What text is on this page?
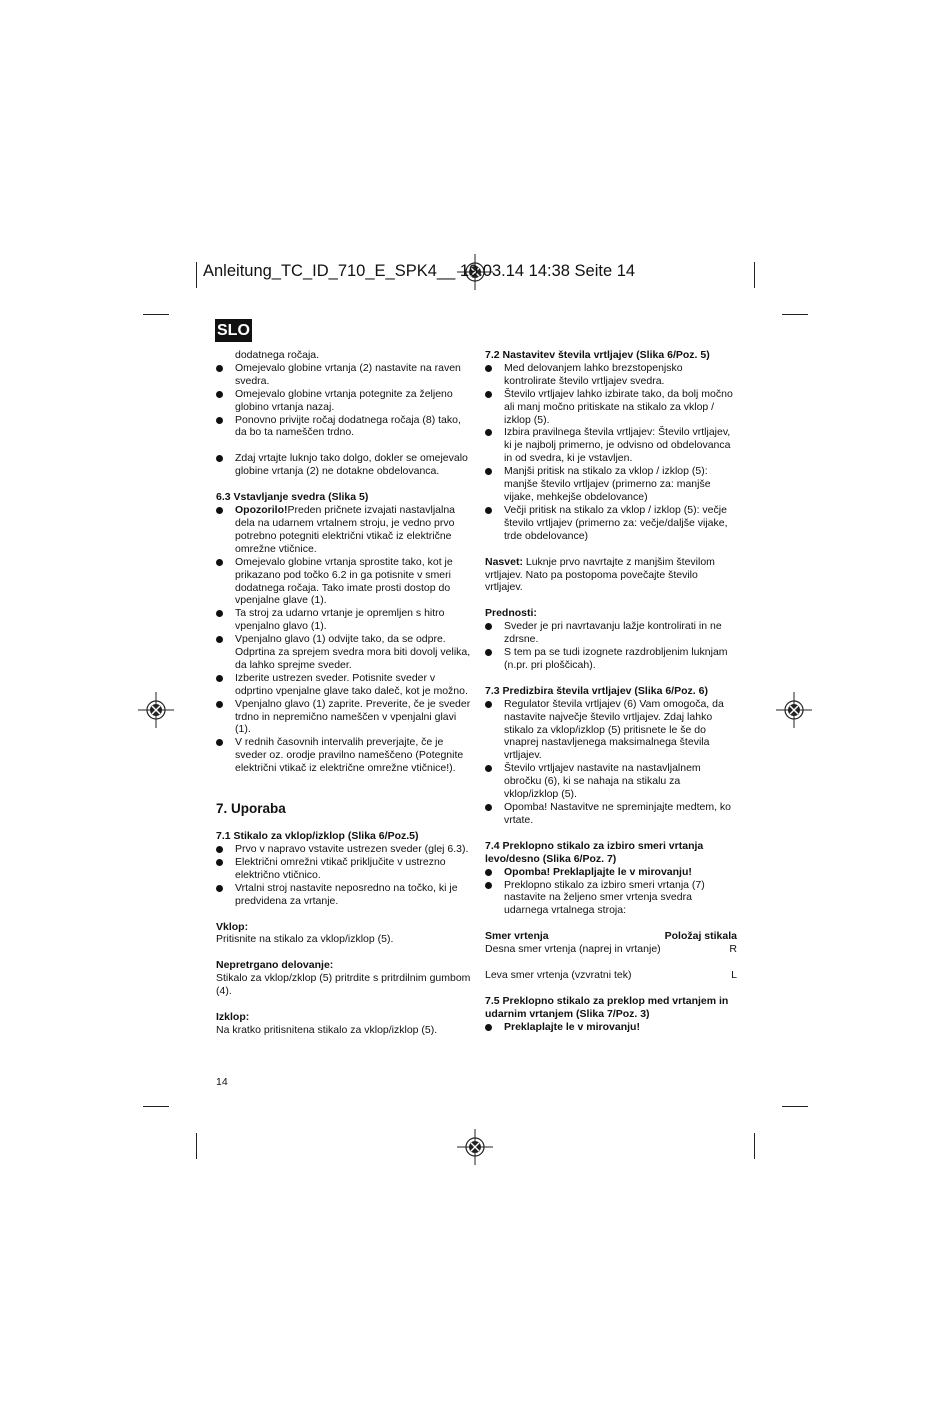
Anleitung_TC_ID_710_E_SPK4__ 19.03.14 14:38 Seite 14
SLO
dodatnega ročaja.
Omejevalo globine vrtanja (2) nastavite na raven svedra.
Omejevalo globine vrtanja potegnite za željeno globino vrtanja nazaj.
Ponovno privijte ročaj dodatnega ročaja (8) tako, da bo ta nameščen trdno.
Zdaj vrtajte luknjo tako dolgo, dokler se omejevalo globine vrtanja (2) ne dotakne obdelovanca.
6.3 Vstavljanje svedra (Slika 5)
Opozorilo!Preden pričnete izvajati nastavljalna dela na udarnem vrtalnem stroju, je vedno prvo potrebno potegniti električni vtikač iz električne omrežne vtičnice.
Omejevalo globine vrtanja sprostite tako, kot je prikazano pod točko 6.2 in ga potisnite v smeri dodatnega ročaja. Tako imate prosti dostop do vpenjalne glave (1).
Ta stroj za udarno vrtanje je opremljen s hitro vpenjalno glavo (1).
Vpenjalno glavo (1) odvijte tako, da se odpre. Odprtina za sprejem svedra mora biti dovolj velika, da lahko sprejme sveder.
Izberite ustrezen sveder. Potisnite sveder v odprtino vpenjalne glave tako daleč, kot je možno.
Vpenjalno glavo (1) zaprite. Preverite, če je sveder trdno in nepremično nameščen v vpenjalni glavi (1).
V rednih časovnih intervalih preverjajte, če je sveder oz. orodje pravilno nameščeno (Potegnite električni vtikač iz električne omrežne vtičnice!).
7. Uporaba
7.1 Stikalo za vklop/izklop (Slika 6/Poz.5)
Prvo v napravo vstavite ustrezen sveder (glej 6.3).
Električni omrežni vtikač priključite v ustrezno električno vtičnico.
Vrtalni stroj nastavite neposredno na točko, ki je predvidena za vrtanje.
Vklop:
Pritisnite na stikalo za vklop/izklop (5).
Nepretrgano delovanje:
Stikalo za vklop/zklop (5) pritrdite s pritrdilnim gumbom (4).
Izklop:
Na kratko pritisnitena stikalo za vklop/izklop (5).
7.2 Nastavitev števila vrtljajev (Slika 6/Poz. 5)
Med delovanjem lahko brezstopenjsko kontrolirate število vrtljajev svedra.
Število vrtljajev lahko izbirate tako, da bolj močno ali manj močno pritiskate na stikalo za vklop / izklop (5).
Izbira pravilnega števila vrtljajev: Število vrtljajev, ki je najbolj primerno, je odvisno od obdelovanca in od svedra, ki je vstavljen.
Manjši pritisk na stikalo za vklop / izklop (5): manjše število vrtljajev (primerno za: manjše vijake, mehkejše obdelovance)
Večji pritisk na stikalo za vklop / izklop (5): večje število vrtljajev (primerno za: večje/daljše vijake, trde obdelovance)
Nasvet: Luknje prvo navrtajte z manjšim številom vrtljajev. Nato pa postopoma povečajte število vrtljajev.
Prednosti:
Sveder je pri navrtavanju lažje kontrolirati in ne zdrsne.
S tem pa se tudi izognete razdrobljenim luknjam (n.pr. pri ploščicah).
7.3 Predizbira števila vrtljajev (Slika 6/Poz. 6)
Regulator števila vrtljajev (6) Vam omogoča, da nastavite največje število vrtljajev. Zdaj lahko stikalo za vklop/izklop (5) pritisnete le še do vnaprej nastavljenega maksimalnega števila vrtljajev.
Število vrtljajev nastavite na nastavljalnem obročku (6), ki se nahaja na stikalu za vklop/izklop (5).
Opomba! Nastavitve ne spreminjajte medtem, ko vrtate.
7.4 Preklopno stikalo za izbiro smeri vrtanja levo/desno (Slika 6/Poz. 7)
Opomba! Preklapljajte le v mirovanju!
Preklopno stikalo za izbiro smeri vrtanja (7) nastavite na željeno smer vrtenja svedra udarnega vrtalnega stroja:
Smer vrtenja	Položaj stikala
Desna smer vrtenja (naprej in vrtanje)	R
Leva smer vrtenja (vzvratni tek)	L
7.5 Preklopno stikalo za preklop med vrtanjem in udarnim vrtanjem (Slika 7/Poz. 3)
Preklaplajte le v mirovanju!
14
